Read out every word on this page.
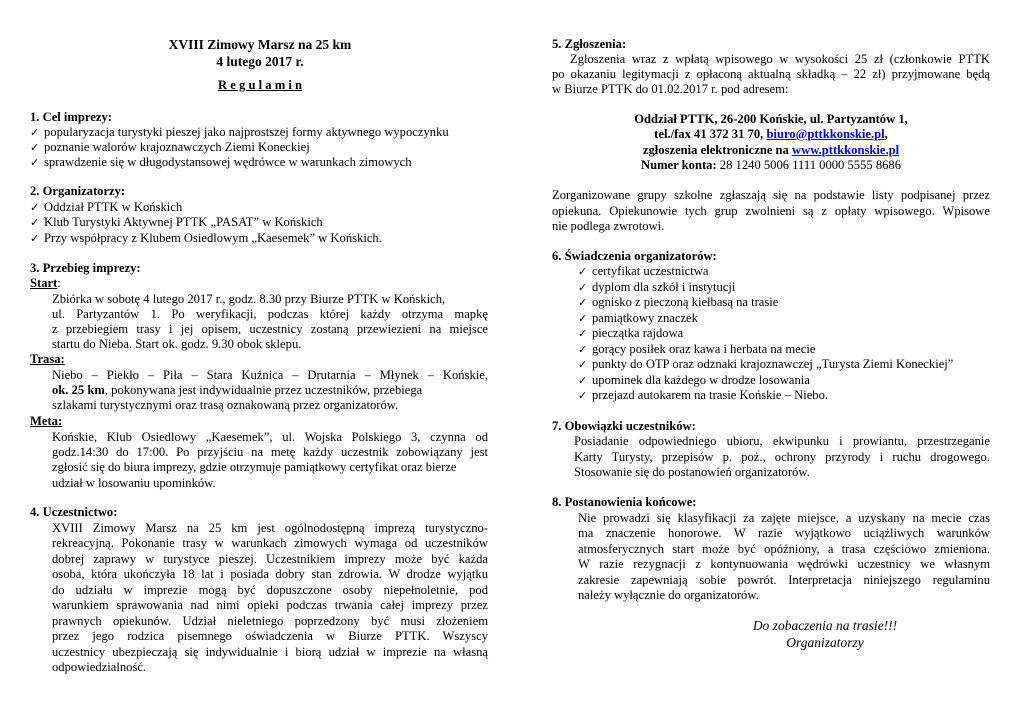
XVIII Zimowy Marsz na 25 km
4 lutego 2017 r.
R e g u l a m i n
1. Cel imprezy:
✓ popularyzacja turystyki pieszej jako najprostszej formy aktywnego wypoczynku
✓ poznanie walorów krajoznawczych Ziemi Koneckiej
✓ sprawdzenie się w długodystansowej wędrówce w warunkach zimowych
2. Organizatorzy:
✓ Oddział PTTK w Końskich
✓ Klub Turystyki Aktywnej PTTK „PASAT” w Końskich
✓ Przy współpracy z Klubem Osiedlowym „Kaesemek” w Końskich.
3. Przebieg imprezy:
Start:
Zbiórka w sobotę 4 lutego 2017 r., godz. 8.30 przy Biurze PTTK w Końskich,
ul. Partyzantów 1. Po weryfikacji, podczas której każdy otrzyma mapkę
z przebiegiem trasy i jej opisem, uczestnicy zostaną przewiezieni na miejsce
startu do Nieba. Start ok. godz. 9.30 obok sklepu.
Trasa:
Niebo – Piekło – Piła – Stara Kuźnica – Drutarnia – Młynek – Końskie,
ok. 25 km, pokonywana jest indywidualnie przez uczestników, przebiega
szlakami turystycznymi oraz trasą oznakowaną przez organizatorów.
Meta:
Końskie, Klub Osiedlowy „Kaesemek”, ul. Wojska Polskiego 3, czynna od
godz.14:30 do 17:00. Po przyjściu na metę każdy uczestnik zobowiązany jest
zgłosić się do biura imprezy, gdzie otrzymuje pamiątkowy certyfikat oraz bierze
udział w losowaniu upominków.
4. Uczestnictwo:
XVIII Zimowy Marsz na 25 km jest ogólnodostępną imprezą turystyczno-
rekreacyjną. Pokonanie trasy w warunkach zimowych wymaga od uczestników
dobrej zaprawy w turystyce pieszej. Uczestnikiem imprezy może być każda
osoba, która ukończyła 18 lat i posiada dobry stan zdrowia. W drodze wyjątku
do udziału w imprezie mogą być dopuszczone osoby niepełnoletnie, pod
warunkiem sprawowania nad nimi opieki podczas trwania całej imprezy przez
prawnych opiekunów. Udział nieletniego poprzedzony być musi złożeniem
przez jego rodzica pisemnego oświadczenia w Biurze PTTK. Wszyscy
uczestnicy ubezpieczają się indywidualnie i biorą udział w imprezie na własną
odpowiedzialność.
5. Zgłoszenia:
Zgłoszenia wraz z wpłatą wpisowego w wysokości 25 zł (członkowie PTTK
po okazaniu legitymacji z opłaconą aktualną składką – 22 zł) przyjmowane będą
w Biurze PTTK do 01.02.2017 r. pod adresem:
Oddział PTTK, 26-200 Końskie, ul. Partyzantów 1,
tel./fax 41 372 31 70, biuro@pttkkonskie.pl,
zgłoszenia elektroniczne na www.pttkkonskie.pl
Numer konta: 28 1240 5006 1111 0000 5555 8686
Zorganizowane grupy szkolne zgłaszają się na podstawie listy podpisanej przez
opiekuna. Opiekunowie tych grup zwolnieni są z opłaty wpisowego. Wpisowe
nie podlega zwrotowi.
6. Świadczenia organizatorów:
✓ certyfikat uczestnictwa
✓ dyplom dla szkół i instytucji
✓ ognisko z pieczoną kiełbasą na trasie
✓ pamiątkowy znaczek
✓ pieczątka rajdowa
✓ gorący posiłek oraz kawa i herbata na mecie
✓ punkty do OTP oraz odznaki krajoznawczej „Turysta Ziemi Koneckiej”
✓ upominek dla każdego w drodze losowania
✓ przejazd autokarem na trasie Końskie – Niebo.
7. Obowiązki uczestników:
Posiadanie odpowiedniego ubioru, ekwipunku i prowiantu, przestrzeganie
Karty Turysty, przepisów p. poż., ochrony przyrody i ruchu drogowego.
Stosowanie się do postanowień organizatorów.
8. Postanowienia końcowe:
Nie prowadzi się klasyfikacji za zajęte miejsce, a uzyskany na mecie czas
ma znaczenie honorowe. W razie wyjątkowo uciążliwych warunków
atmosferycznych start może być opóźniony, a trasa częściowo zmieniona.
W razie rezygnacji z kontynuowania wędrówki uczestnicy we własnym
zakresie zapewniają sobie powrót. Interpretacja niniejszego regulaminu
należy wyłącznie do organizatorów.
Do zobaczenia na trasie!!!
Organizatorzy
